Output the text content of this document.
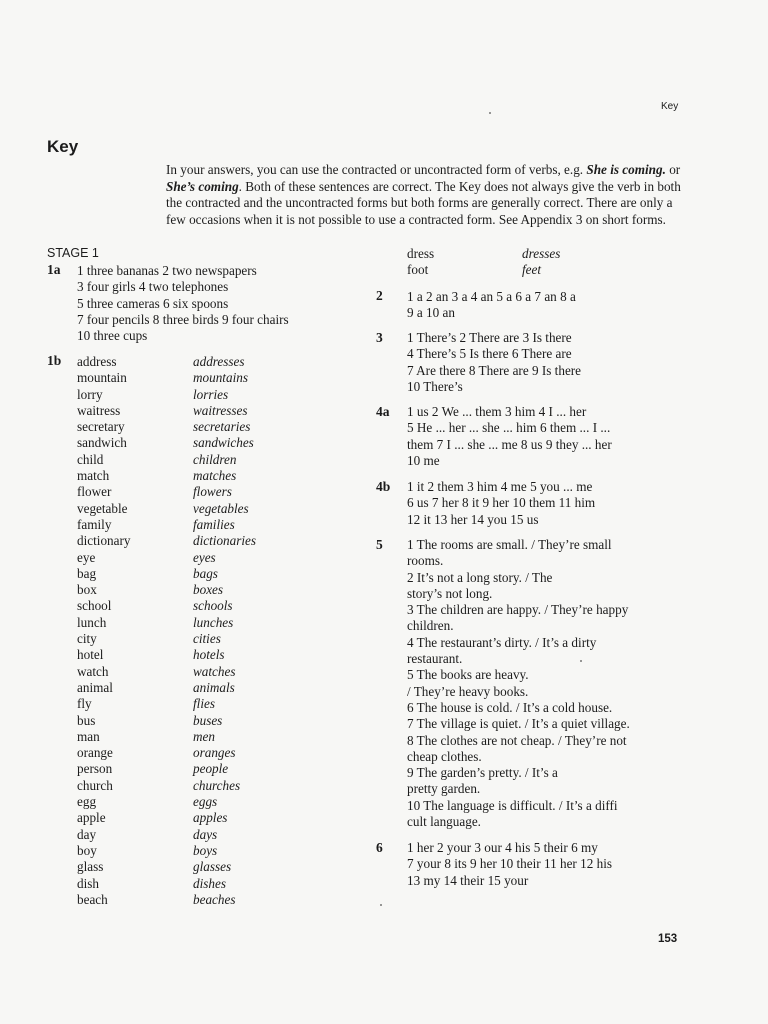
Key
Key
In your answers, you can use the contracted or uncontracted form of verbs, e.g. She is coming. or She’s coming. Both of these sentences are correct. The Key does not always give the verb in both the contracted and the uncontracted forms but both forms are generally correct. There are only a few occasions when it is not possible to use a contracted form. See Appendix 3 on short forms.
STAGE 1
1a 1 three bananas 2 two newspapers
3 four girls 4 two telephones
5 three cameras 6 six spoons
7 four pencils 8 three birds 9 four chairs
10 three cups
1b address	addresses
mountain	mountains
lorry	lorries
waitress	waitresses
secretary	secretaries
sandwich	sandwiches
child	children
match	matches
flower	flowers
vegetable	vegetables
family	families
dictionary	dictionaries
eye	eyes
bag	bags
box	boxes
school	schools
lunch	lunches
city	cities
hotel	hotels
watch	watches
animal	animals
fly	flies
bus	buses
man	men
orange	oranges
person	people
church	churches
egg	eggs
apple	apples
day	days
boy	boys
glass	glasses
dish	dishes
beach	beaches
dress	dresses
foot	feet
2 1 a 2 an 3 a 4 an 5 a 6 a 7 an 8 a
9 a 10 an
3 1 There’s 2 There are 3 Is there
4 There’s 5 Is there 6 There are
7 Are there 8 There are 9 Is there
10 There’s
4a 1 us 2 We ... them 3 him 4 I ... her
5 He ... her ... she ... him 6 them ... I ...
them 7 I ... she ... me 8 us 9 they ... her
10 me
4b 1 it 2 them 3 him 4 me 5 you ... me
6 us 7 her 8 it 9 her 10 them 11 him
12 it 13 her 14 you 15 us
5 1 The rooms are small. / They’re small
rooms.
2 It’s not a long story. / The
story’s not long.
3 The children are happy. / They’re happy
children.
4 The restaurant’s dirty. / It’s a dirty
restaurant.
5 The books are heavy.
/ They’re heavy books.
6 The house is cold. / It’s a cold house.
7 The village is quiet. / It’s a quiet village.
8 The clothes are not cheap. / They’re not
cheap clothes.
9 The garden’s pretty. / It’s a
pretty garden.
10 The language is difficult. / It’s a diffi
cult language.
6 1 her 2 your 3 our 4 his 5 their 6 my
7 your 8 its 9 her 10 their 11 her 12 his
13 my 14 their 15 your
153
